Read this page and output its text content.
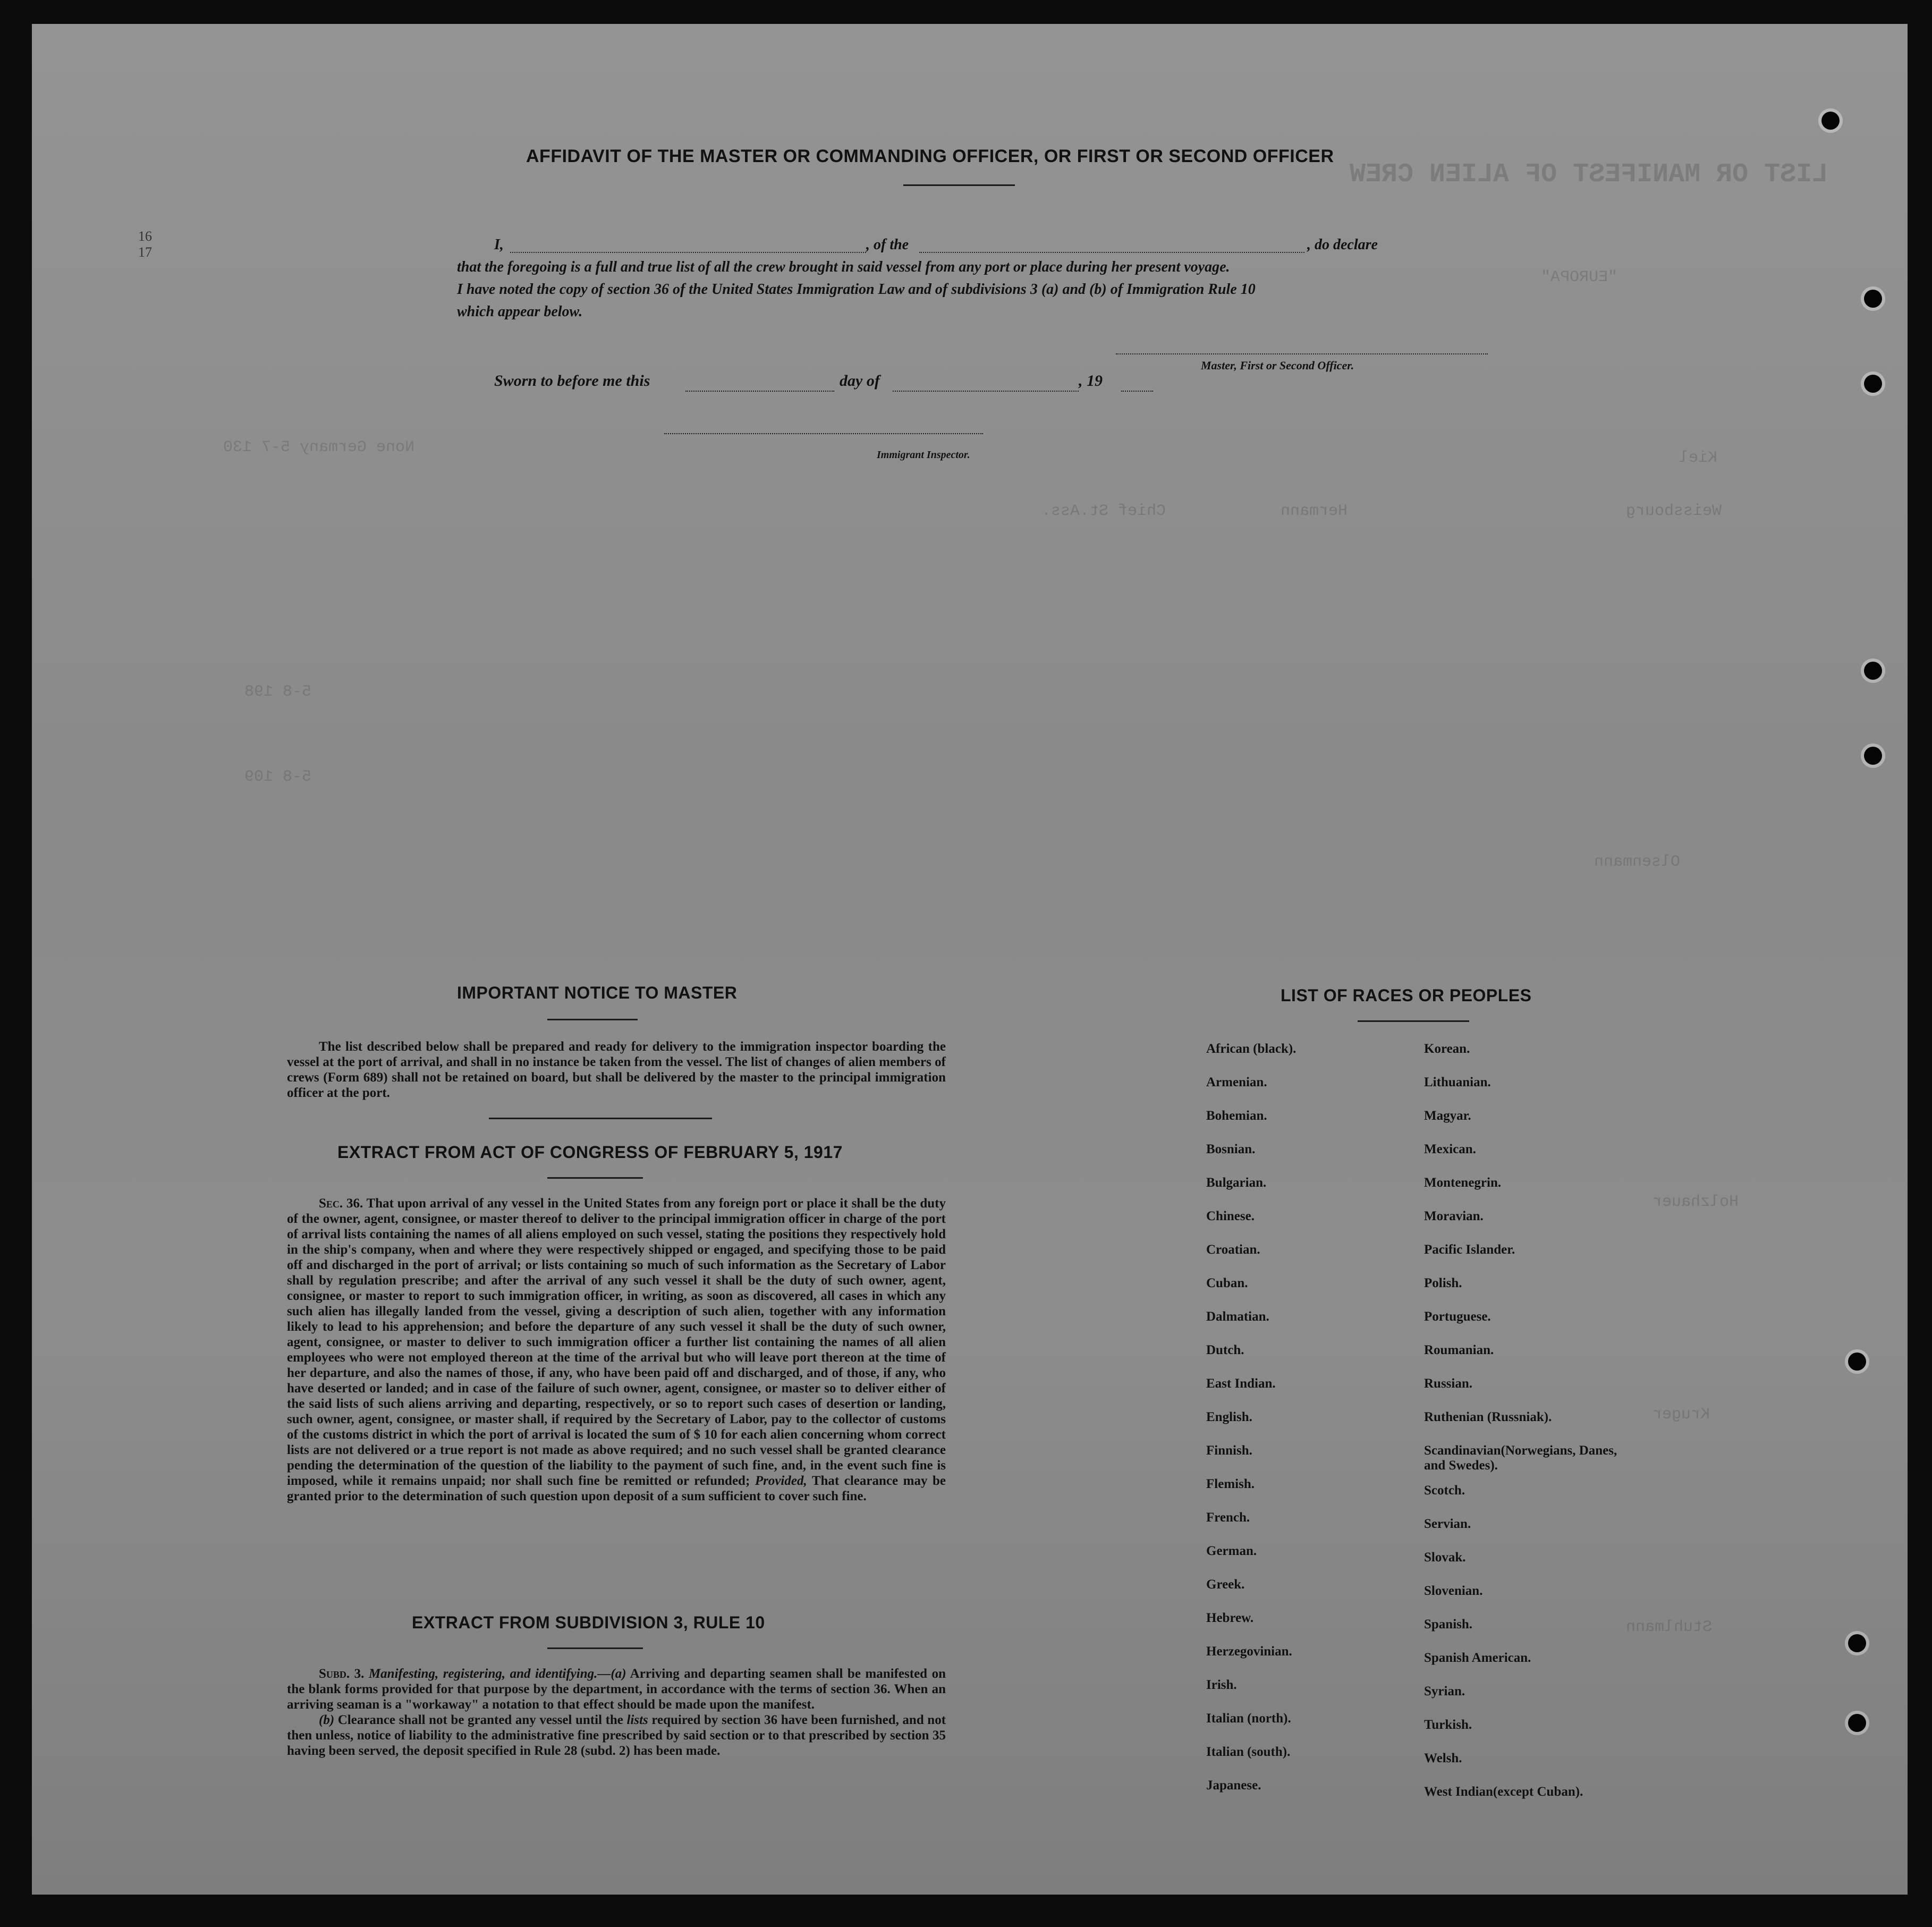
LIST OR MANIFEST OF ALIEN CREW
"EUROPA"
Kiel
Weissbourg
Hermann
Chief St.Ass.
None Germany 5-7 130
5-8 198
5-8 109
Olsenmann
Holzhauer
Kruger
Stuhlmann
16
17
AFFIDAVIT OF THE MASTER OR COMMANDING OFFICER, OR FIRST OR SECOND OFFICER
I,	, of the	, do declare
that the foregoing is a full and true list of all the crew brought in said vessel from any port or place during her present voyage.
I have noted the copy of section 36 of the United States Immigration Law and of subdivisions 3 (a) and (b) of Immigration Rule 10
which appear below.
Master, First or Second Officer.
Sworn to before me this	day of	, 19
Immigrant Inspector.
IMPORTANT NOTICE TO MASTER
The list described below shall be prepared and ready for delivery to the immigration inspector boarding the vessel at the port of arrival, and shall in no instance be taken from the vessel. The list of changes of alien members of crews (Form 689) shall not be retained on board, but shall be delivered by the master to the principal immigration officer at the port.
EXTRACT FROM ACT OF CONGRESS OF FEBRUARY 5, 1917
Sec. 36. That upon arrival of any vessel in the United States from any foreign port or place it shall be the duty of the owner, agent, consignee, or master thereof to deliver to the principal immigration officer in charge of the port of arrival lists containing the names of all aliens employed on such vessel, stating the positions they respectively hold in the ship's company, when and where they were respectively shipped or engaged, and specifying those to be paid off and discharged in the port of arrival; or lists containing so much of such information as the Secretary of Labor shall by regulation prescribe; and after the arrival of any such vessel it shall be the duty of such owner, agent, consignee, or master to report to such immigration officer, in writing, as soon as discovered, all cases in which any such alien has illegally landed from the vessel, giving a description of such alien, together with any information likely to lead to his apprehension; and before the departure of any such vessel it shall be the duty of such owner, agent, consignee, or master to deliver to such immigration officer a further list containing the names of all alien employees who were not employed thereon at the time of the arrival but who will leave port thereon at the time of her departure, and also the names of those, if any, who have been paid off and discharged, and of those, if any, who have deserted or landed; and in case of the failure of such owner, agent, consignee, or master so to deliver either of the said lists of such aliens arriving and departing, respectively, or so to report such cases of desertion or landing, such owner, agent, consignee, or master shall, if required by the Secretary of Labor, pay to the collector of customs of the customs district in which the port of arrival is located the sum of $ 10 for each alien concerning whom correct lists are not delivered or a true report is not made as above required; and no such vessel shall be granted clearance pending the determination of the question of the liability to the payment of such fine, and, in the event such fine is imposed, while it remains unpaid; nor shall such fine be remitted or refunded; Provided, That clearance may be granted prior to the determination of such question upon deposit of a sum sufficient to cover such fine.
EXTRACT FROM SUBDIVISION 3, RULE 10
Subd. 3. Manifesting, registering, and identifying.—(a) Arriving and departing seamen shall be manifested on the blank forms provided for that purpose by the department, in accordance with the terms of section 36. When an arriving seaman is a "workaway" a notation to that effect should be made upon the manifest.
(b) Clearance shall not be granted any vessel until the lists required by section 36 have been furnished, and not then unless, notice of liability to the administrative fine prescribed by said section or to that prescribed by section 35 having been served, the deposit specified in Rule 28 (subd. 2) has been made.
LIST OF RACES OR PEOPLES
African (black).
Armenian.
Bohemian.
Bosnian.
Bulgarian.
Chinese.
Croatian.
Cuban.
Dalmatian.
Dutch.
East Indian.
English.
Finnish.
Flemish.
French.
German.
Greek.
Hebrew.
Herzegovinian.
Irish.
Italian (north).
Italian (south).
Japanese.
Korean.
Lithuanian.
Magyar.
Mexican.
Montenegrin.
Moravian.
Pacific Islander.
Polish.
Portuguese.
Roumanian.
Russian.
Ruthenian (Russniak).
Scandinavian(Norwegians, Danes, and Swedes).
Scotch.
Servian.
Slovak.
Slovenian.
Spanish.
Spanish American.
Syrian.
Turkish.
Welsh.
West Indian(except Cuban).
